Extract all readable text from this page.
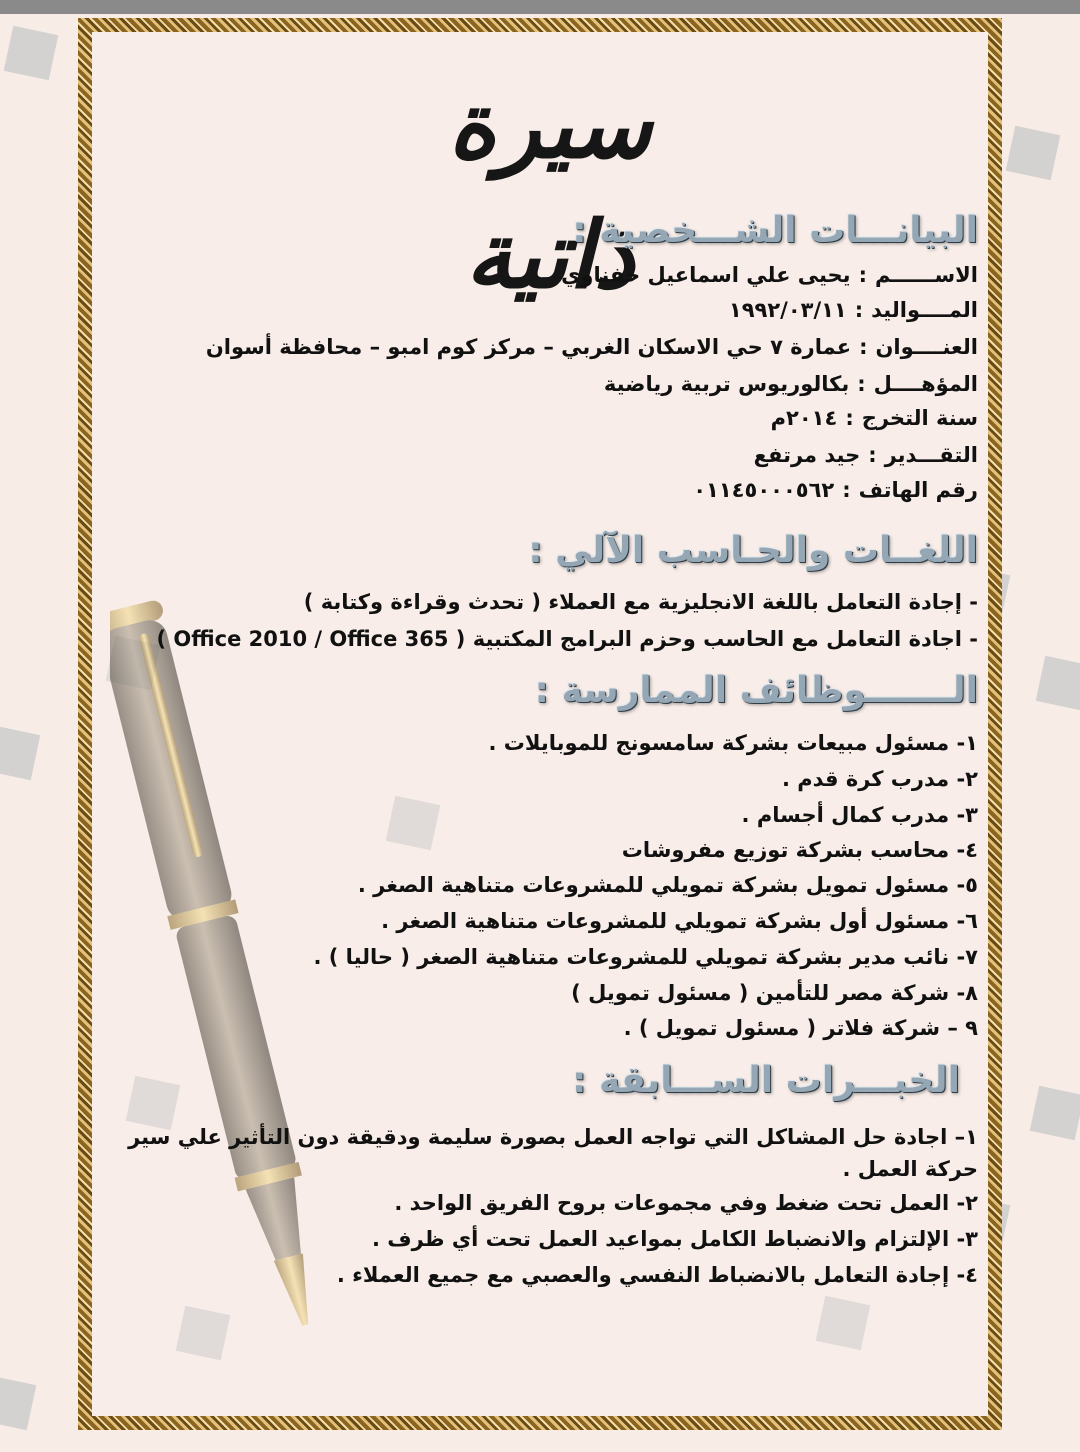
سيرة ذاتية
البيانـــات الشـــخصية :
الاســــــم:يحيى علي اسماعيل حفناوي
المــــواليد:١٩٩٢/٠٣/١١
العنــــوان:عمارة ٧ حي الاسكان الغربي – مركز كوم امبو – محافظة أسوان
المؤهــــل:بكالوريوس تربية رياضية
سنة التخرج:٢٠١٤م
التقـــدير:جيد مرتفع
رقم الهاتف:٠١١٤٥٠٠٠٥٦٢
اللغــات والحـاسب الآلي :
- إجادة التعامل باللغة الانجليزية مع العملاء ( تحدث وقراءة وكتابة )
- اجادة التعامل مع الحاسب وحزم البرامج المكتبية ( Office 2010 / Office 365 )
الـــــــوظائف الممارسة :
١- مسئول مبيعات بشركة سامسونج للموبايلات .
٢- مدرب كرة قدم .
٣- مدرب كمال أجسام .
٤- محاسب بشركة توزيع مفروشات
٥- مسئول تمويل بشركة تمويلي للمشروعات متناهية الصغر .
٦- مسئول أول بشركة تمويلي للمشروعات متناهية الصغر .
٧- نائب مدير بشركة تمويلي للمشروعات متناهية الصغر ( حاليا ) .
٨- شركة مصر للتأمين ( مسئول تمويل )
٩ – شركة فلاتر ( مسئول تمويل ) .
الخبـــرات الســـابقة :
١– اجادة حل المشاكل التي تواجه العمل بصورة سليمة ودقيقة دون التأثير علي سير
حركة العمل .
٢- العمل تحت ضغط وفي مجموعات بروح الفريق الواحد .
٣- الإلتزام والانضباط الكامل بمواعيد العمل تحت أي ظرف .
٤- إجادة التعامل بالانضباط النفسي والعصبي مع جميع العملاء .
